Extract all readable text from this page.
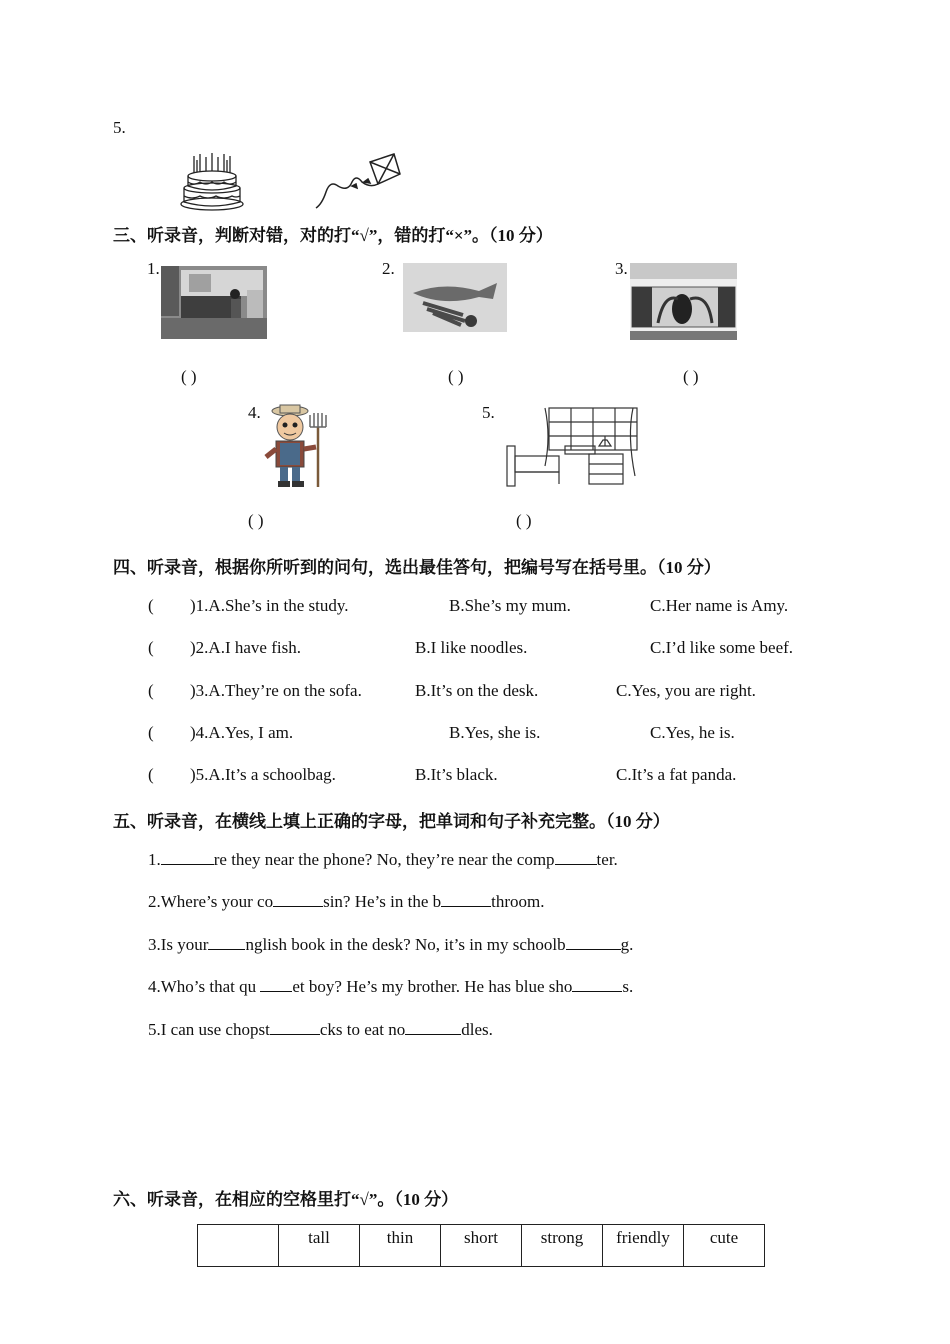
5.
三、听录音，判断对错，对的打“√”，错的打“×”。（10 分）
1.
( )
2.
( )
3.
( )
4.
( )
5.
( )
四、听录音，根据你所听到的问句，选出最佳答句，把编号写在括号里。（10 分）
( )1.A.She’s in the study.	B.She’s my mum.	C.Her name is Amy.
( )2.A.I have fish.	B.I like noodles.	C.I’d like some beef.
( )3.A.They’re on the sofa.	B.It’s on the desk.	C.Yes, you are right.
( )4.A.Yes, I am.	B.Yes, she is.	C.Yes, he is.
( )5.A.It’s a schoolbag.	B.It’s black.	C.It’s a fat panda.
五、听录音，在横线上填上正确的字母，把单词和句子补充完整。（10 分）
1.	re they near the phone? No, they’re near the comp ter.
2.Where’s your co	sin? He’s in the b	throom.
3.Is your nglish book in the desk? No, it’s in my schoolb	g.
4.Who’s that qu et boy? He’s my brother. He has blue sho	s.
5.I can use chopst	cks to eat no	dles.
六、听录音，在相应的空格里打“√”。（10 分）
	tall	thin	short	strong	friendly	cute
